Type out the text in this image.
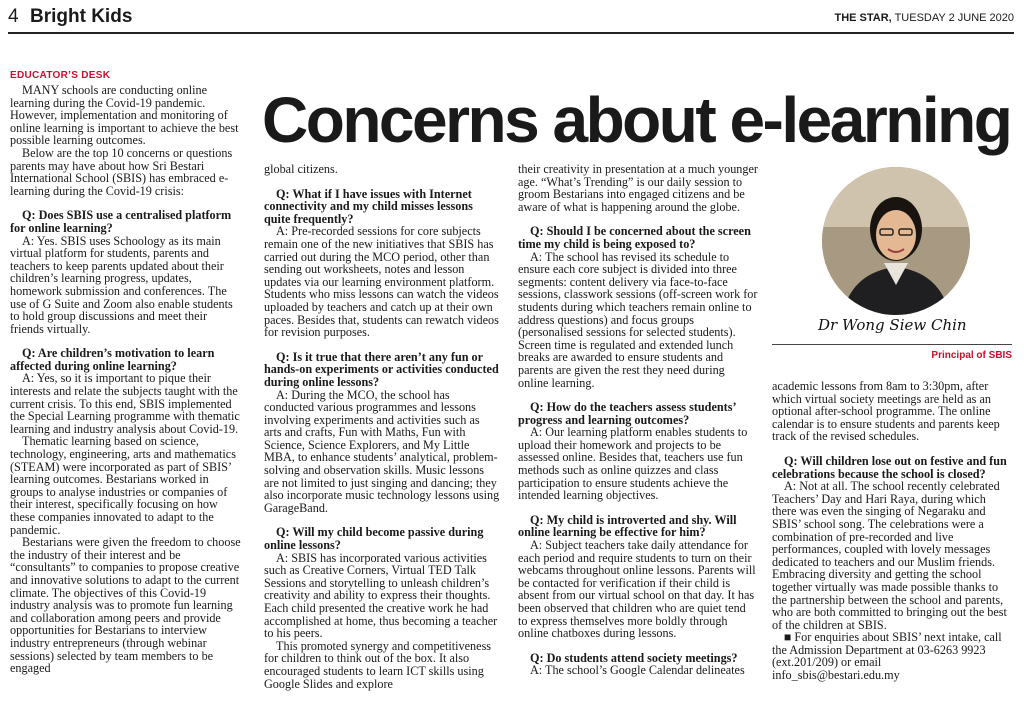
4 Bright Kids	THE STAR, TUESDAY 2 JUNE 2020
EDUCATOR’S DESK
Concerns about e-learning

MANY schools are conducting online learning during the Covid-19 pandemic. However, implementation and monitoring of online learning is important to achieve the best possible learning outcomes.

Below are the top 10 concerns or questions parents may have about how Sri Bestari International School (SBIS) has embraced e-learning during the Covid-19 crisis:

Q: Does SBIS use a centralised platform for online learning?

A: Yes. SBIS uses Schoology as its main virtual platform for students, parents and teachers to keep parents updated about their children’s learning progress, updates, homework submission and conferences. The use of G Suite and Zoom also enable students to hold group discussions and meet their friends virtually.

Q: Are children’s motivation to learn affected during online learning?

A: Yes, so it is important to pique their interests and relate the subjects taught with the current crisis. To this end, SBIS implemented the Special Learning programme with thematic learning and industry analysis about Covid-19.

Thematic learning based on science, technology, engineering, arts and mathematics (STEAM) were incorporated as part of SBIS’ learning outcomes. Bestarians worked in groups to analyse industries or companies of their interest, specifically focusing on how these companies innovated to adapt to the pandemic.

Bestarians were given the freedom to choose the industry of their interest and be “consultants” to companies to propose creative and innovative solutions to adapt to the current climate. The objectives of this Covid-19 industry analysis was to promote fun learning and collaboration among peers and provide opportunities for Bestarians to interview industry entrepreneurs (through webinar sessions) selected by team members to be engaged

global citizens.

Q: What if I have issues with Internet connectivity and my child misses lessons quite frequently?

A: Pre-recorded sessions for core subjects remain one of the new initiatives that SBIS has carried out during the MCO period, other than sending out worksheets, notes and lesson updates via our learning environment platform. Students who miss lessons can watch the videos uploaded by teachers and catch up at their own paces. Besides that, students can rewatch videos for revision purposes.

Q: Is it true that there aren’t any fun or hands-on experiments or activities conducted during online lessons?

A: During the MCO, the school has conducted various programmes and lessons involving experiments and activities such as arts and crafts, Fun with Maths, Fun with Science, Science Explorers, and My Little MBA, to enhance students’ analytical, problem-solving and observation skills. Music lessons are not limited to just singing and dancing; they also incorporate music technology lessons using GarageBand.

Q: Will my child become passive during online lessons?

A: SBIS has incorporated various activities such as Creative Corners, Virtual TED Talk Sessions and storytelling to unleash children’s creativity and ability to express their thoughts. Each child presented the creative work he had accomplished at home, thus becoming a teacher to his peers.

This promoted synergy and competitiveness for children to think out of the box. It also encouraged students to learn ICT skills using Google Slides and explore

their creativity in presentation at a much younger age. “What’s Trending” is our daily session to groom Bestarians into engaged citizens and be aware of what is happening around the globe.

Q: Should I be concerned about the screen time my child is being exposed to?

A: The school has revised its schedule to ensure each core subject is divided into three segments: content delivery via face-to-face sessions, classwork sessions (off-screen work for students during which teachers remain online to address questions) and focus groups (personalised sessions for selected students). Screen time is regulated and extended lunch breaks are awarded to ensure students and parents are given the rest they need during online learning.

Q: How do the teachers assess students’ progress and learning outcomes?

A: Our learning platform enables students to upload their homework and projects to be assessed online. Besides that, teachers use fun methods such as online quizzes and class participation to ensure students achieve the intended learning objectives.

Q: My child is introverted and shy. Will online learning be effective for him?

A: Subject teachers take daily attendance for each period and require students to turn on their webcams throughout online lessons. Parents will be contacted for verification if their child is absent from our virtual school on that day. It has been observed that children who are quiet tend to express themselves more boldly through online chatboxes during lessons.

Q: Do students attend society meetings?

A: The school’s Google Calendar delineates

Dr Wong Siew Chin
Principal of SBIS

academic lessons from 8am to 3:30pm, after which virtual society meetings are held as an optional after-school programme. The online calendar is to ensure students and parents keep track of the revised schedules.

Q: Will children lose out on festive and fun celebrations because the school is closed?

A: Not at all. The school recently celebrated Teachers’ Day and Hari Raya, during which there was even the singing of Negaraku and SBIS’ school song. The celebrations were a combination of pre-recorded and live performances, coupled with lovely messages dedicated to teachers and our Muslim friends. Embracing diversity and getting the school together virtually was made possible thanks to the partnership between the school and parents, who are both committed to bringing out the best of the children at SBIS.

■ For enquiries about SBIS’ next intake, call the Admission Department at 03-6263 9923 (ext.201/209) or email info_sbis@bestari.edu.my
